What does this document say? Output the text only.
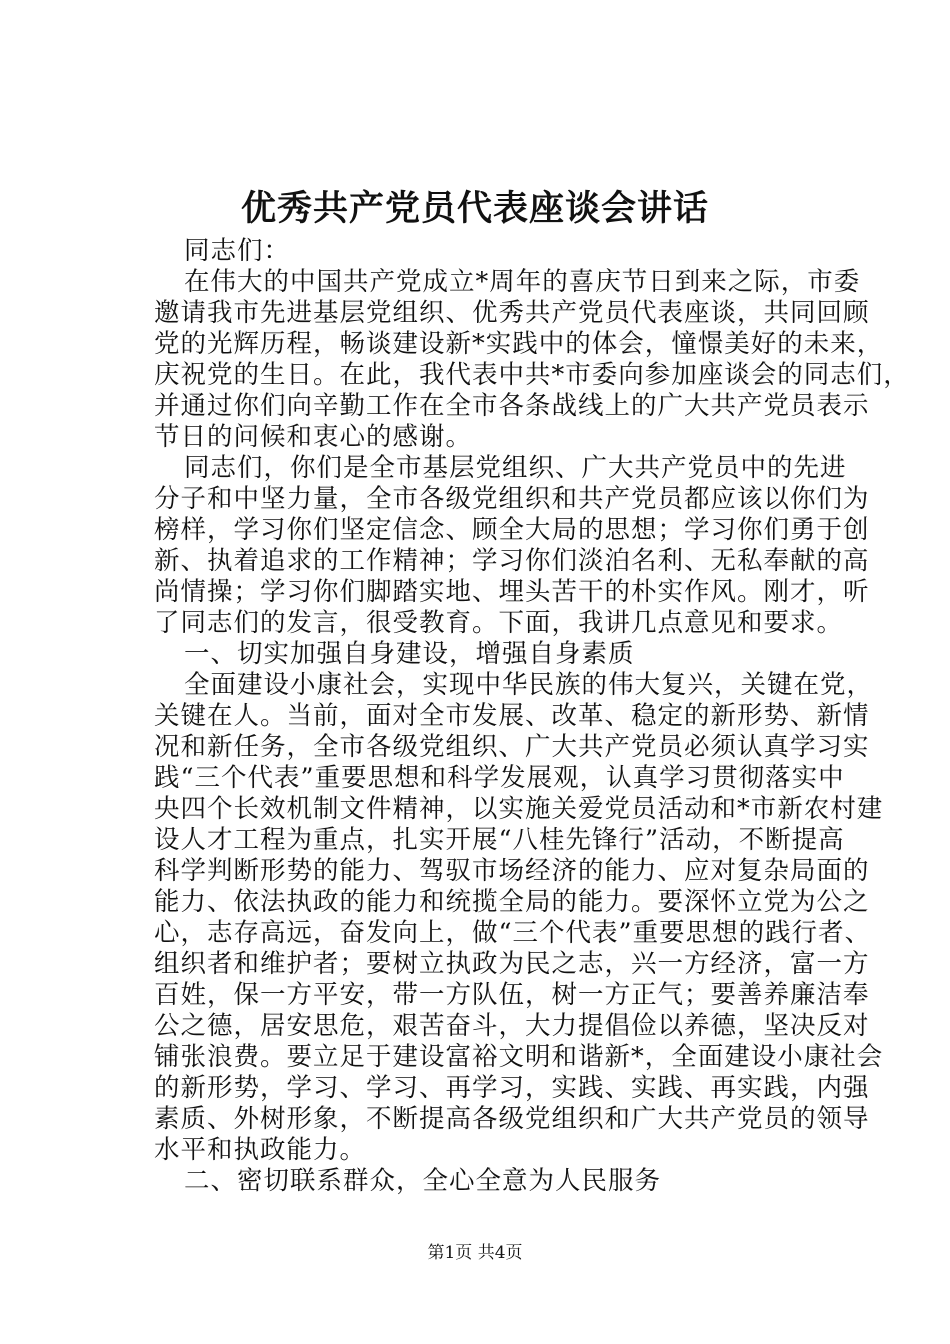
优秀共产党员代表座谈会讲话
同志们：
在伟大的中国共产党成立*周年的喜庆节日到来之际，市委
邀请我市先进基层党组织、优秀共产党员代表座谈，共同回顾
党的光辉历程，畅谈建设新*实践中的体会，憧憬美好的未来，
庆祝党的生日。在此，我代表中共*市委向参加座谈会的同志们，
并通过你们向辛勤工作在全市各条战线上的广大共产党员表示
节日的问候和衷心的感谢。
同志们，你们是全市基层党组织、广大共产党员中的先进
分子和中坚力量，全市各级党组织和共产党员都应该以你们为
榜样，学习你们坚定信念、顾全大局的思想；学习你们勇于创
新、执着追求的工作精神；学习你们淡泊名利、无私奉献的高
尚情操；学习你们脚踏实地、埋头苦干的朴实作风。刚才，听
了同志们的发言，很受教育。下面，我讲几点意见和要求。
一、切实加强自身建设，增强自身素质
全面建设小康社会，实现中华民族的伟大复兴，关键在党，
关键在人。当前，面对全市发展、改革、稳定的新形势、新情
况和新任务，全市各级党组织、广大共产党员必须认真学习实
践“三个代表”重要思想和科学发展观，认真学习贯彻落实中
央四个长效机制文件精神，以实施关爱党员活动和*市新农村建
设人才工程为重点，扎实开展“八桂先锋行”活动，不断提高
科学判断形势的能力、驾驭市场经济的能力、应对复杂局面的
能力、依法执政的能力和统揽全局的能力。要深怀立党为公之
心，志存高远，奋发向上，做“三个代表”重要思想的践行者、
组织者和维护者；要树立执政为民之志，兴一方经济，富一方
百姓，保一方平安，带一方队伍，树一方正气；要善养廉洁奉
公之德，居安思危，艰苦奋斗，大力提倡俭以养德，坚决反对
铺张浪费。要立足于建设富裕文明和谐新*，全面建设小康社会
的新形势，学习、学习、再学习，实践、实践、再实践，内强
素质、外树形象，不断提高各级党组织和广大共产党员的领导
水平和执政能力。
二、密切联系群众，全心全意为人民服务
第1页 共4页
